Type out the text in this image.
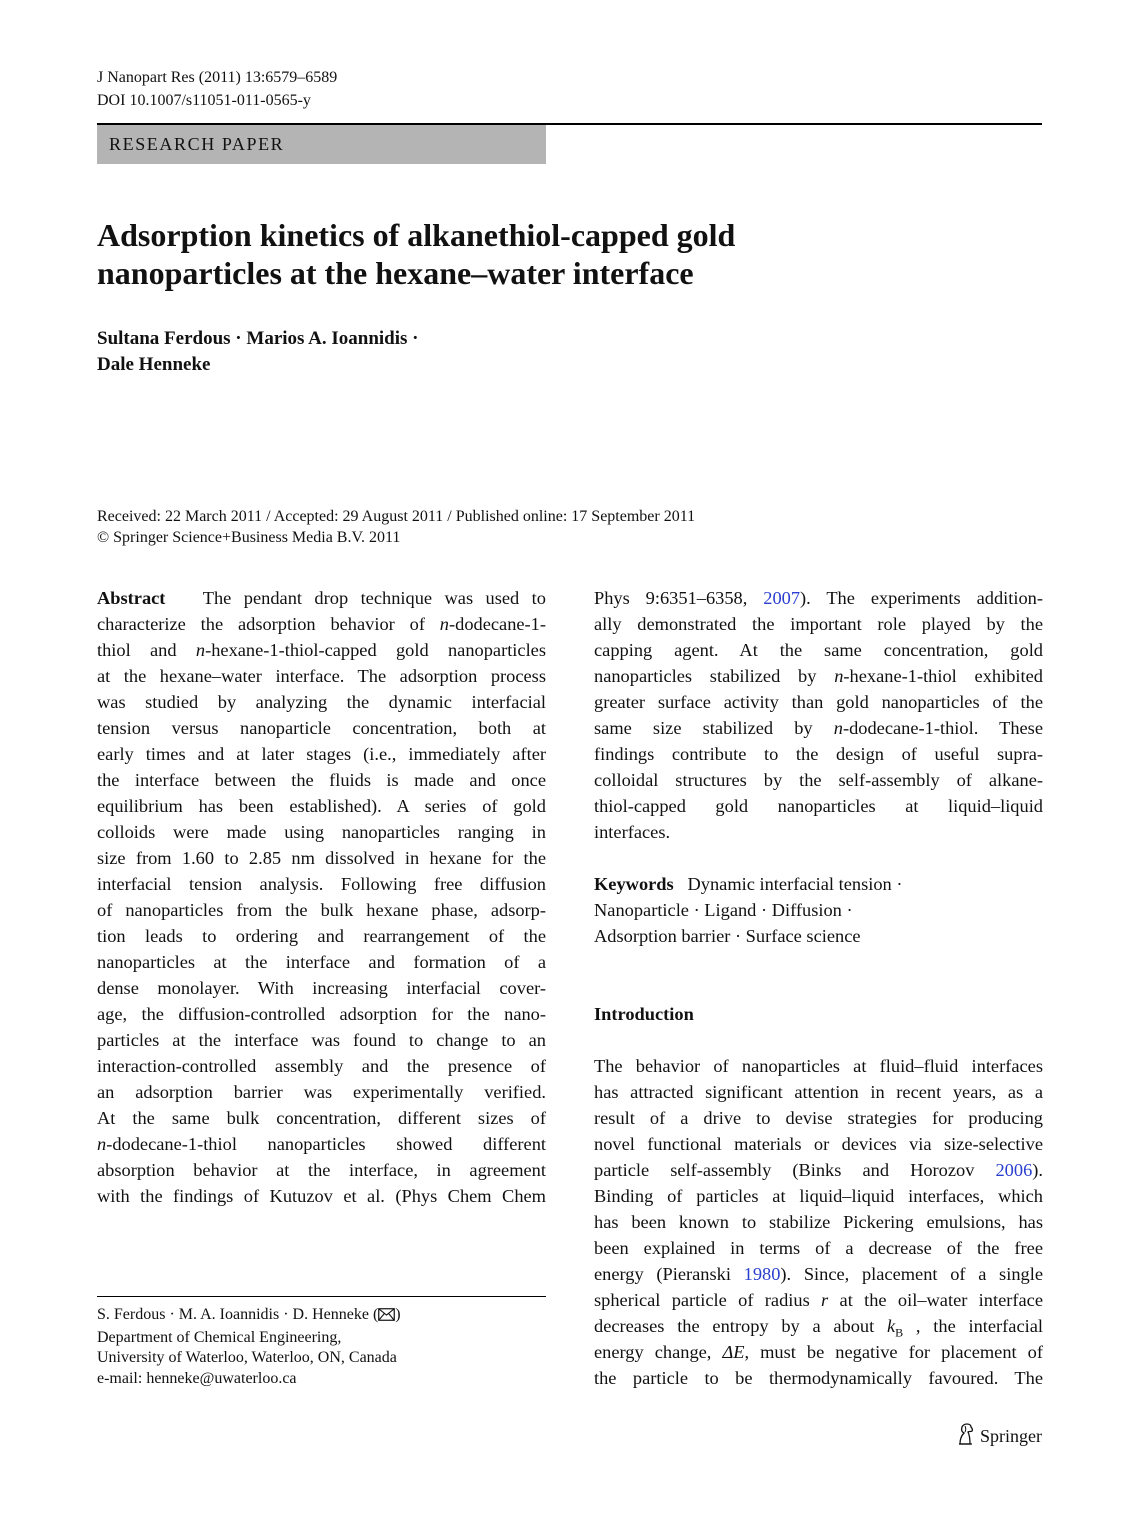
J Nanopart Res (2011) 13:6579–6589
DOI 10.1007/s11051-011-0565-y
RESEARCH PAPER
Adsorption kinetics of alkanethiol-capped gold
nanoparticles at the hexane–water interface
Sultana Ferdous · Marios A. Ioannidis ·
Dale Henneke
Received: 22 March 2011 / Accepted: 29 August 2011 / Published online: 17 September 2011
© Springer Science+Business Media B.V. 2011
Abstract The pendant drop technique was used to
characterize the adsorption behavior of n-dodecane-1-
thiol and n-hexane-1-thiol-capped gold nanoparticles
at the hexane–water interface. The adsorption process
was studied by analyzing the dynamic interfacial
tension versus nanoparticle concentration, both at
early times and at later stages (i.e., immediately after
the interface between the fluids is made and once
equilibrium has been established). A series of gold
colloids were made using nanoparticles ranging in
size from 1.60 to 2.85 nm dissolved in hexane for the
interfacial tension analysis. Following free diffusion
of nanoparticles from the bulk hexane phase, adsorp-
tion leads to ordering and rearrangement of the
nanoparticles at the interface and formation of a
dense monolayer. With increasing interfacial cover-
age, the diffusion-controlled adsorption for the nano-
particles at the interface was found to change to an
interaction-controlled assembly and the presence of
an adsorption barrier was experimentally verified.
At the same bulk concentration, different sizes of
n-dodecane-1-thiol nanoparticles showed different
absorption behavior at the interface, in agreement
with the findings of Kutuzov et al. (Phys Chem Chem
Phys 9:6351–6358, 2007). The experiments addition-
ally demonstrated the important role played by the
capping agent. At the same concentration, gold
nanoparticles stabilized by n-hexane-1-thiol exhibited
greater surface activity than gold nanoparticles of the
same size stabilized by n-dodecane-1-thiol. These
findings contribute to the design of useful supra-
colloidal structures by the self-assembly of alkane-
thiol-capped gold nanoparticles at liquid–liquid
interfaces.
Keywords Dynamic interfacial tension ·
Nanoparticle · Ligand · Diffusion ·
Adsorption barrier · Surface science
Introduction
The behavior of nanoparticles at fluid–fluid interfaces
has attracted significant attention in recent years, as a
result of a drive to devise strategies for producing
novel functional materials or devices via size-selective
particle self-assembly (Binks and Horozov 2006).
Binding of particles at liquid–liquid interfaces, which
has been known to stabilize Pickering emulsions, has
been explained in terms of a decrease of the free
energy (Pieranski 1980). Since, placement of a single
spherical particle of radius r at the oil–water interface
decreases the entropy by a about $k_B$ , the interfacial
energy change, ΔE, must be negative for placement of
the particle to be thermodynamically favoured. The
S. Ferdous · M. A. Ioannidis · D. Henneke ( )
Department of Chemical Engineering,
University of Waterloo, Waterloo, ON, Canada
e-mail: henneke@uwaterloo.ca
Springer
